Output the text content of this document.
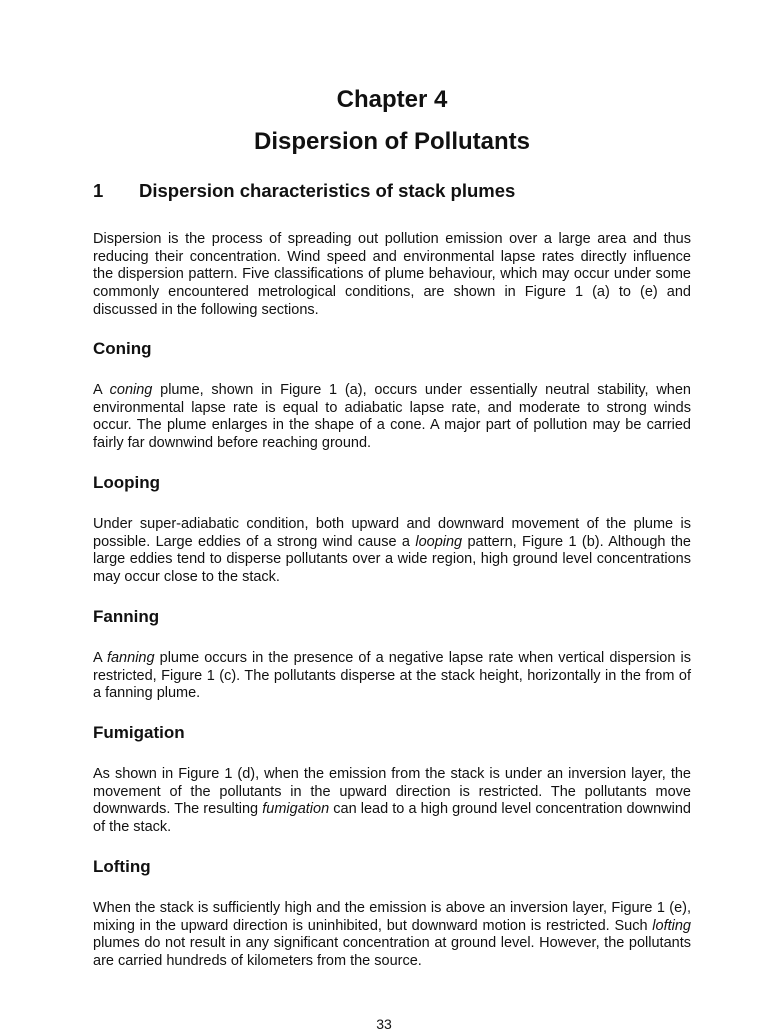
Chapter 4
Dispersion of Pollutants
1 Dispersion characteristics of stack plumes

Dispersion is the process of spreading out pollution emission over a large area and thus reducing their concentration. Wind speed and environmental lapse rates directly influence the dispersion pattern. Five classifications of plume behaviour, which may occur under some commonly encountered metrological conditions, are shown in Figure 1 (a) to (e) and discussed in the following sections.

Coning

A coning plume, shown in Figure 1 (a), occurs under essentially neutral stability, when environmental lapse rate is equal to adiabatic lapse rate, and moderate to strong winds occur. The plume enlarges in the shape of a cone. A major part of pollution may be carried fairly far downwind before reaching ground.

Looping

Under super-adiabatic condition, both upward and downward movement of the plume is possible. Large eddies of a strong wind cause a looping pattern, Figure 1 (b). Although the large eddies tend to disperse pollutants over a wide region, high ground level concentrations may occur close to the stack.

Fanning

A fanning plume occurs in the presence of a negative lapse rate when vertical dispersion is restricted, Figure 1 (c). The pollutants disperse at the stack height, horizontally in the from of a fanning plume.

Fumigation

As shown in Figure 1 (d), when the emission from the stack is under an inversion layer, the movement of the pollutants in the upward direction is restricted. The pollutants move downwards. The resulting fumigation can lead to a high ground level concentration downwind of the stack.

Lofting

When the stack is sufficiently high and the emission is above an inversion layer, Figure 1 (e), mixing in the upward direction is uninhibited, but downward motion is restricted. Such lofting plumes do not result in any significant concentration at ground level. However, the pollutants are carried hundreds of kilometers from the source.

33
